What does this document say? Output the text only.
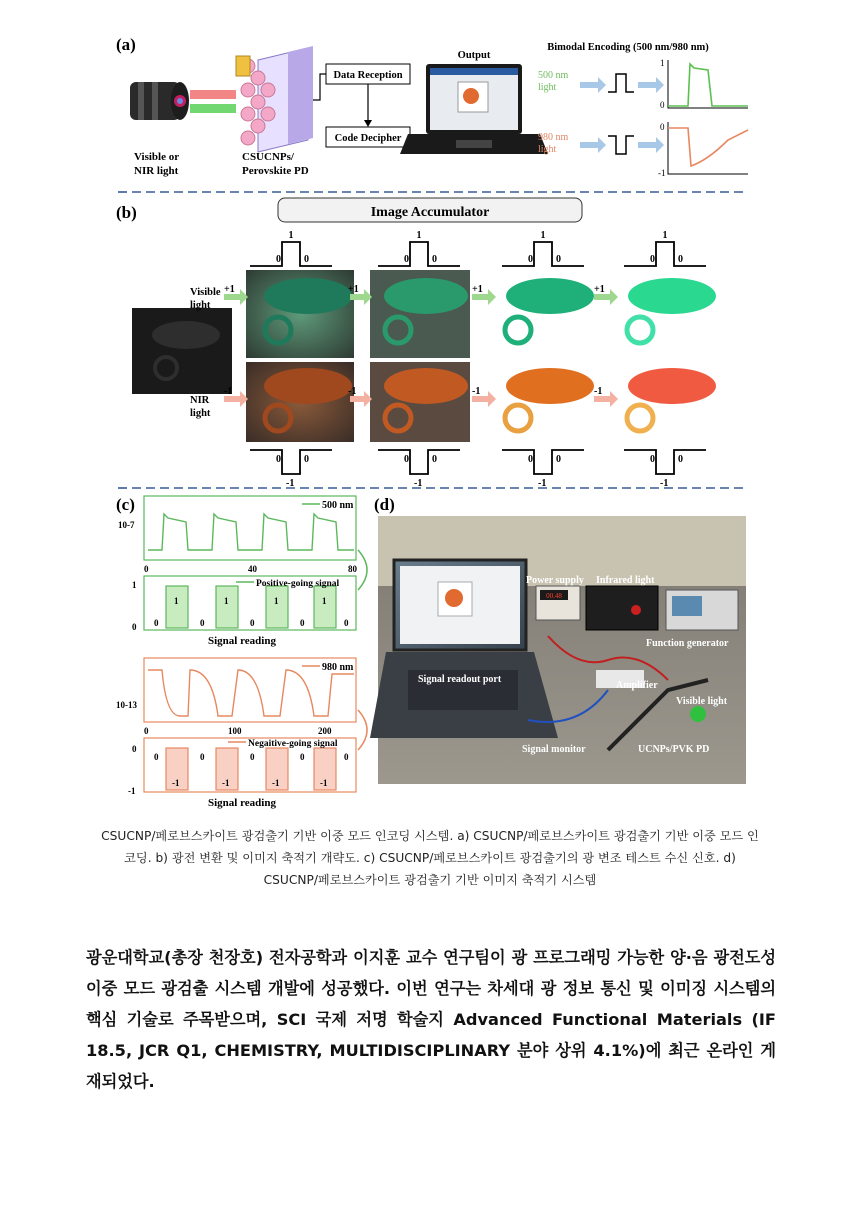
(a)
Visible or
NIR light
CSUCNPs/
Perovskite PD
Data Reception
Code Decipher
Output
Bimodal Encoding (500 nm/980 nm)
500 nm
light
1
0
980 nm
light
0
-1
(b)	Image Accumulator
Visible
light
NIR
light
1
0 0
0 0
-1
1
0 0
0 0
-1
1
0 0
0 0
-1
1
0 0
0 0
-1
+1	+1	+1	+1
-1	-1	-1	-1
(c)	500 nm
10-7
0	40	80
Positive-going signal
1
0 0
1
0
1
0
1
0
1
0
Signal reading
980 nm
10-13
0	100	200
Negaitive-going signal
0
-1
0
-1
0
-1
0
-1
0
-1
0
Signal reading
(d)
00.48
Power supply Infrared light
Function generator
Signal readout port
Amplifier
Visible light
Signal monitor	UCNPs/PVK PD
CSUCNP/페로브스카이트 광검출기 기반 이중 모드 인코딩 시스템. a) CSUCNP/페로브스카이트 광검출기 기반 이중 모드 인코딩. b) 광전 변환 및 이미지 축적기 개략도. c) CSUCNP/페로브스카이트 광검출기의 광 변조 테스트 수신 신호. d) CSUCNP/페로브스카이트 광검출기 기반 이미지 축적기 시스템
광운대학교(총장 천장호) 전자공학과 이지훈 교수 연구팀이 광 프로그래밍 가능한 양·음 광전도성 이중 모드 광검출 시스템 개발에 성공했다. 이번 연구는 차세대 광 정보 통신 및 이미징 시스템의 핵심 기술로 주목받으며, SCI 국제 저명 학술지 Advanced Functional Materials (IF 18.5, JCR Q1, CHEMISTRY, MULTIDISCIPLINARY 분야 상위 4.1%)에 최근 온라인 게재되었다.
